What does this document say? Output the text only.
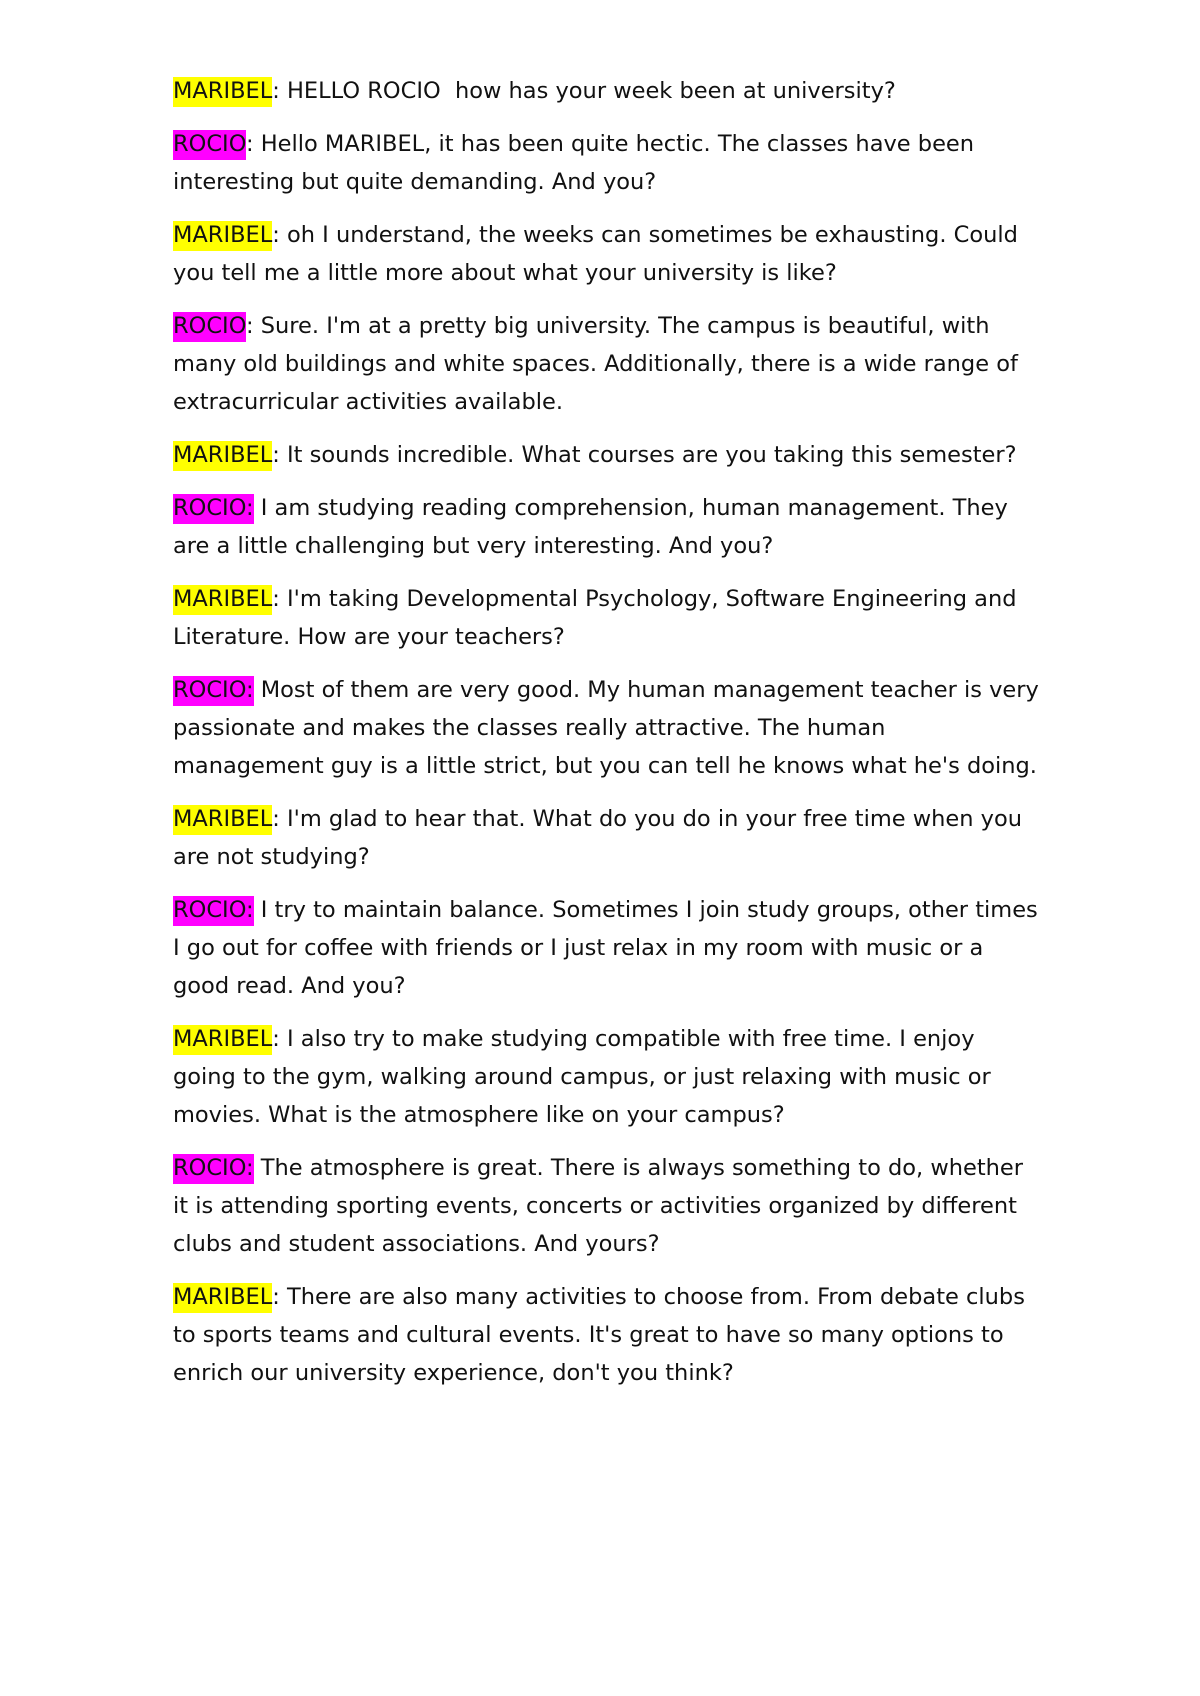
MARIBEL: HELLO ROCIO  how has your week been at university?

ROCIO: Hello MARIBEL, it has been quite hectic. The classes have been interesting but quite demanding. And you?

MARIBEL: oh I understand, the weeks can sometimes be exhausting. Could you tell me a little more about what your university is like?

ROCIO: Sure. I'm at a pretty big university. The campus is beautiful, with many old buildings and white spaces. Additionally, there is a wide range of extracurricular activities available.

MARIBEL: It sounds incredible. What courses are you taking this semester?

ROCIO: I am studying reading comprehension, human management. They are a little challenging but very interesting. And you?

MARIBEL: I'm taking Developmental Psychology, Software Engineering and Literature. How are your teachers?

ROCIO: Most of them are very good. My human management teacher is very passionate and makes the classes really attractive. The human management guy is a little strict, but you can tell he knows what he's doing.

MARIBEL: I'm glad to hear that. What do you do in your free time when you are not studying?

ROCIO: I try to maintain balance. Sometimes I join study groups, other times I go out for coffee with friends or I just relax in my room with music or a good read. And you?

MARIBEL: I also try to make studying compatible with free time. I enjoy going to the gym, walking around campus, or just relaxing with music or movies. What is the atmosphere like on your campus?

ROCIO: The atmosphere is great. There is always something to do, whether it is attending sporting events, concerts or activities organized by different clubs and student associations. And yours?

MARIBEL: There are also many activities to choose from. From debate clubs to sports teams and cultural events. It's great to have so many options to enrich our university experience, don't you think?
